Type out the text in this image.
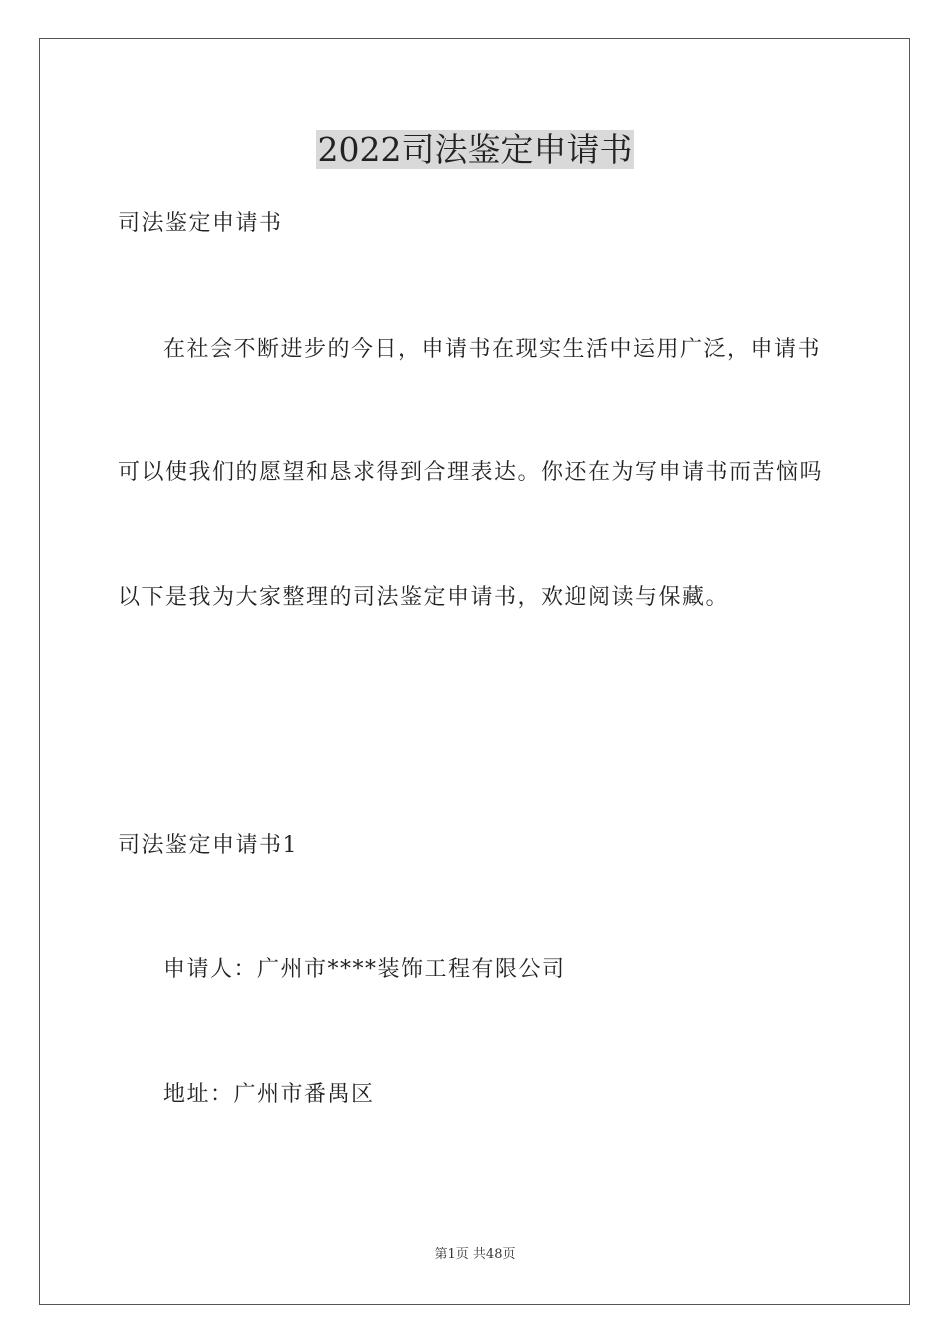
2022司法鉴定申请书
司法鉴定申请书
在社会不断进步的今日，申请书在现实生活中运用广泛，申请书
可以使我们的愿望和恳求得到合理表达。你还在为写申请书而苦恼吗
以下是我为大家整理的司法鉴定申请书，欢迎阅读与保藏。
司法鉴定申请书1
申请人：广州市****装饰工程有限公司
地址：广州市番禺区
第1页 共48页
